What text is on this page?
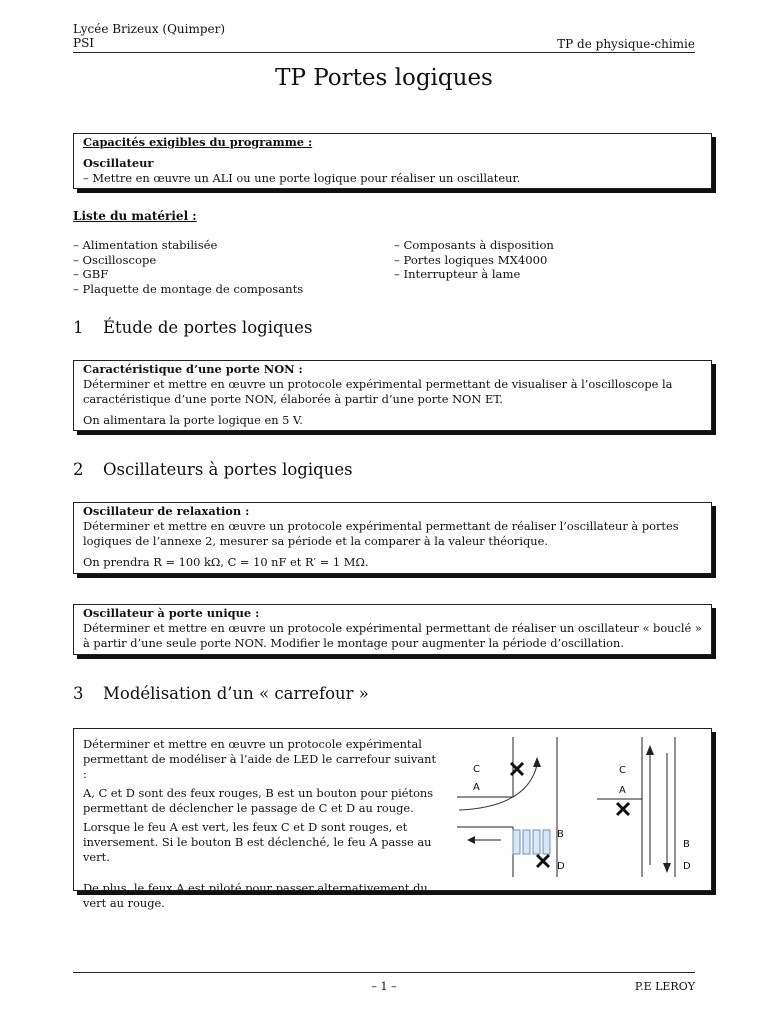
Lycée Brizeux (Quimper)
PSI	TP de physique-chimie
TP Portes logiques

Capacités exigibles du programme :

Oscillateur

– Mettre en œuvre un ALI ou une porte logique pour réaliser un oscillateur.

Liste du matériel :
– Alimentation stabilisée
– Oscilloscope
– GBF
– Plaquette de montage de composants
– Composants à disposition
– Portes logiques MX4000
– Interrupteur à lame
1 Étude de portes logiques

Caractéristique d’une porte NON :

Déterminer et mettre en œuvre un protocole expérimental permettant de visualiser à l’oscilloscope la caractéristique d’une porte NON, élaborée à partir d’une porte NON ET.

On alimentara la porte logique en 5 V.

2 Oscillateurs à portes logiques

Oscillateur de relaxation :

Déterminer et mettre en œuvre un protocole expérimental permettant de réaliser l’oscillateur à portes logiques de l’annexe 2, mesurer sa période et la comparer à la valeur théorique.

On prendra R = 100 kΩ, C = 10 nF et R′ = 1 MΩ.

Oscillateur à porte unique :

Déterminer et mettre en œuvre un protocole expérimental permettant de réaliser un oscillateur « bouclé » à partir d’une seule porte NON. Modifier le montage pour augmenter la période d’oscillation.

3 Modélisation d’un « carrefour »

Déterminer et mettre en œuvre un protocole expérimental permettant de modéliser à l’aide de LED le carrefour suivant :

A, C et D sont des feux rouges, B est un bouton pour piétons permettant de déclencher le passage de C et D au rouge.

Lorsque le feu A est vert, les feux C et D sont rouges, et inversement. Si le bouton B est déclenché, le feu A passe au vert.

De plus, le feux A est piloté pour passer alternativement du vert au rouge.

C
A
B
D
C
A
B
D
– 1 –	P.E LEROY
